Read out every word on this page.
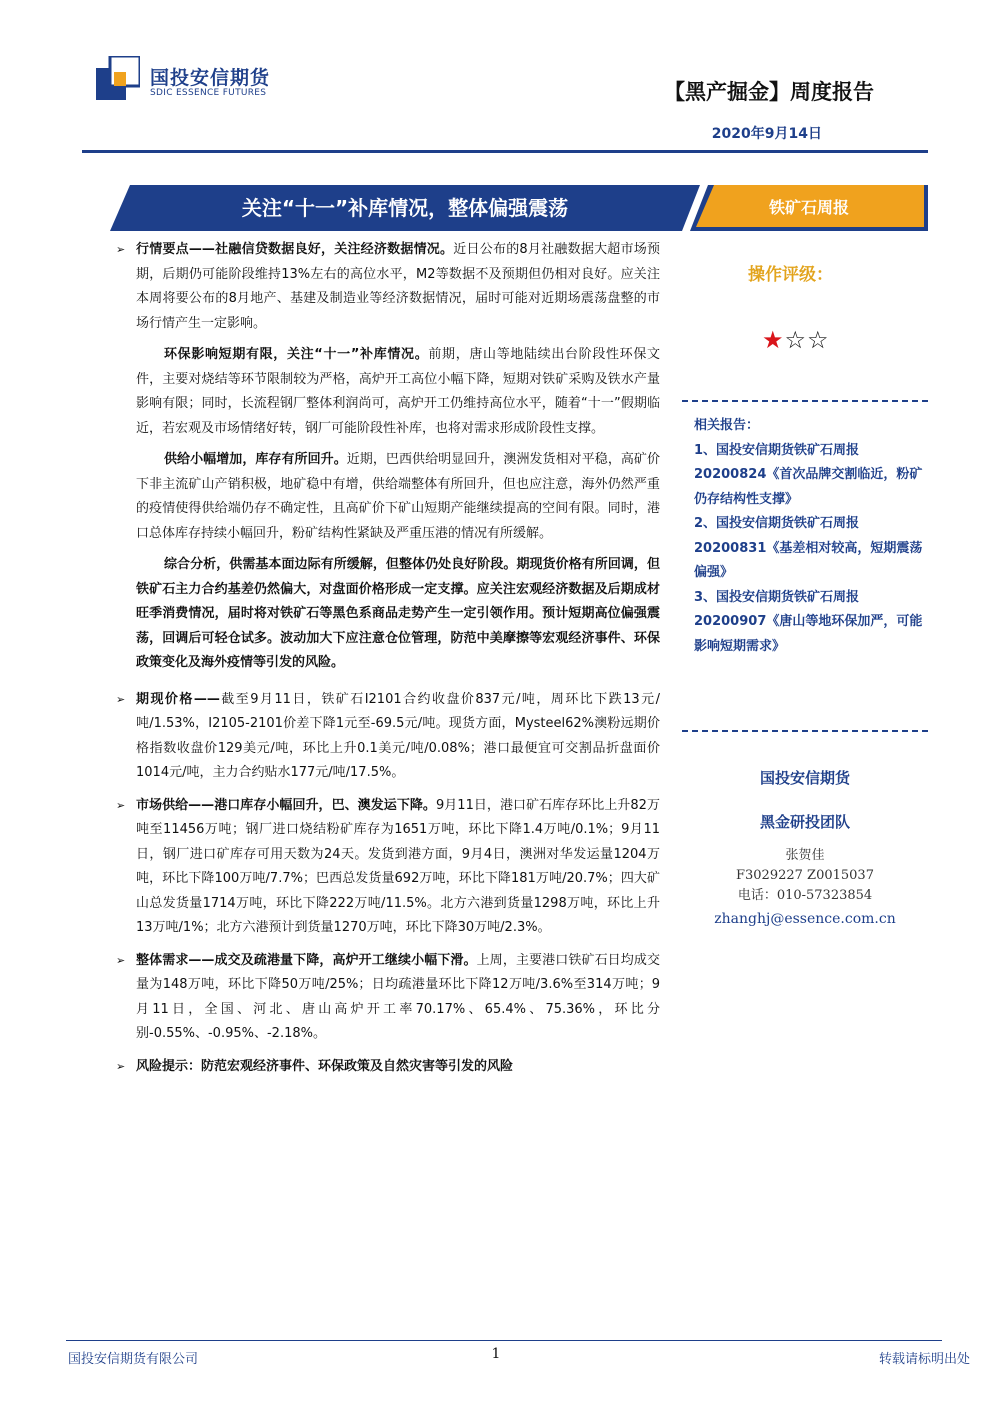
国投安信期货
SDIC ESSENCE FUTURES	【黑产掘金】周度报告
2020年9月14日
关注“十一”补库情况，整体偏强震荡	铁矿石周报
➢ 行情要点——社融信贷数据良好，关注经济数据情况。近日公布的8月社融数据大超市场预期，后期仍可能阶段维持13%左右的高位水平，M2等数据不及预期但仍相对良好。应关注本周将要公布的8月地产、基建及制造业等经济数据情况，届时可能对近期场震荡盘整的市场行情产生一定影响。
环保影响短期有限，关注“十一”补库情况。前期，唐山等地陆续出台阶段性环保文件，主要对烧结等环节限制较为严格，高炉开工高位小幅下降，短期对铁矿采购及铁水产量影响有限；同时，长流程钢厂整体利润尚可，高炉开工仍维持高位水平，随着“十一”假期临近，若宏观及市场情绪好转，钢厂可能阶段性补库，也将对需求形成阶段性支撑。
供给小幅增加，库存有所回升。近期，巴西供给明显回升，澳洲发货相对平稳，高矿价下非主流矿山产销积极，地矿稳中有增，供给端整体有所回升，但也应注意，海外仍然严重的疫情使得供给端仍存不确定性，且高矿价下矿山短期产能继续提高的空间有限。同时，港口总体库存持续小幅回升，粉矿结构性紧缺及严重压港的情况有所缓解。
综合分析，供需基本面边际有所缓解，但整体仍处良好阶段。期现货价格有所回调，但铁矿石主力合约基差仍然偏大，对盘面价格形成一定支撑。应关注宏观经济数据及后期成材旺季消费情况，届时将对铁矿石等黑色系商品走势产生一定引领作用。预计短期高位偏强震荡，回调后可轻仓试多。波动加大下应注意仓位管理，防范中美摩擦等宏观经济事件、环保政策变化及海外疫情等引发的风险。
➢ 期现价格——截至9月11日，铁矿石I2101合约收盘价837元/吨，周环比下跌13元/吨/1.53%，I2105-2101价差下降1元至-69.5元/吨。现货方面，Mysteel62%澳粉远期价格指数收盘价129美元/吨，环比上升0.1美元/吨/0.08%；港口最便宜可交割品折盘面价1014元/吨，主力合约贴水177元/吨/17.5%。
➢ 市场供给——港口库存小幅回升，巴、澳发运下降。9月11日，港口矿石库存环比上升82万吨至11456万吨；钢厂进口烧结粉矿库存为1651万吨，环比下降1.4万吨/0.1%；9月11日，钢厂进口矿库存可用天数为24天。发货到港方面，9月4日，澳洲对华发运量1204万吨，环比下降100万吨/7.7%；巴西总发货量692万吨，环比下降181万吨/20.7%；四大矿山总发货量1714万吨，环比下降222万吨/11.5%。北方六港到货量1298万吨，环比上升13万吨/1%；北方六港预计到货量1270万吨，环比下降30万吨/2.3%。
➢ 整体需求——成交及疏港量下降，高炉开工继续小幅下滑。上周，主要港口铁矿石日均成交量为148万吨，环比下降50万吨/25%；日均疏港量环比下降12万吨/3.6%至314万吨；9月11日，全国、河北、唐山高炉开工率70.17%、65.4%、75.36%，环比分别-0.55%、-0.95%、-2.18%。
➢ 风险提示：防范宏观经济事件、环保政策及自然灾害等引发的风险
操作评级：
★☆☆
相关报告：
1、国投安信期货铁矿石周报20200824《首次品牌交割临近，粉矿仍存结构性支撑》
2、国投安信期货铁矿石周报20200831《基差相对较高，短期震荡偏强》
3、国投安信期货铁矿石周报20200907《唐山等地环保加严，可能影响短期需求》
国投安信期货
黑金研投团队
张贺佳
F3029227 Z0015037
电话：010-57323854
zhanghj@essence.com.cn
国投安信期货有限公司	1	转载请标明出处
